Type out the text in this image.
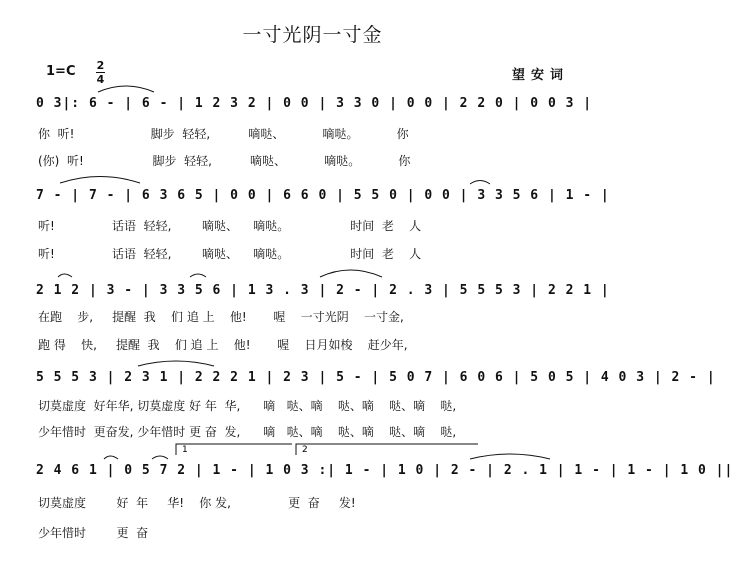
一寸光阴一寸金
1=C 2
4	望安词
0 3|: 6 - | 6 - | 1 2 3 2 | 0 0 | 3 3 0 | 0 0 | 2 2 0 | 0 0 3 |
你  听!                    脚步  轻轻,          嘀哒、          嘀哒。          你
(你)  听!                  脚步  轻轻,          嘀哒、          嘀哒。          你
7 - | 7 - | 6 3 6 5 | 0 0 | 6 6 0 | 5 5 0 | 0 0 | 3 3 5 6 | 1 - |
听!               话语  轻轻,        嘀哒、    嘀哒。                时间  老    人
听!               话语  轻轻,        嘀哒、    嘀哒。                时间  老    人
2 1 2 | 3 - | 3 3 5 6 | 1 3 . 3 | 2 - | 2 . 3 | 5 5 5 3 | 2 2 1 |
在跑    步,     提醒  我    们 追 上    他!       喔    一寸光阴    一寸金,
跑 得    快,     提醒  我    们 追 上    他!       喔    日月如梭    赶少年,
5 5 5 3 | 2 3 1 | 2 2 2 1 | 2 3 | 5 - | 5 0 7 | 6 0 6 | 5 0 5 | 4 0 3 | 2 - |
切莫虚度  好年华, 切莫虚度 好 年  华,      嘀   哒、嘀    哒、嘀    哒、嘀    哒,
少年惜时  更奋发, 少年惜时 更 奋  发,      嘀   哒、嘀    哒、嘀    哒、嘀    哒,
2 4 6 1 | 0 5 7 2 | 1 - | 1 0 3 :| 1 - | 1 0 | 2 - | 2 . 1 | 1 - | 1 - | 1 0 ||
切莫虚度        好  年     华!    你 发,               更  奋     发!
少年惜时        更  奋
1	2
